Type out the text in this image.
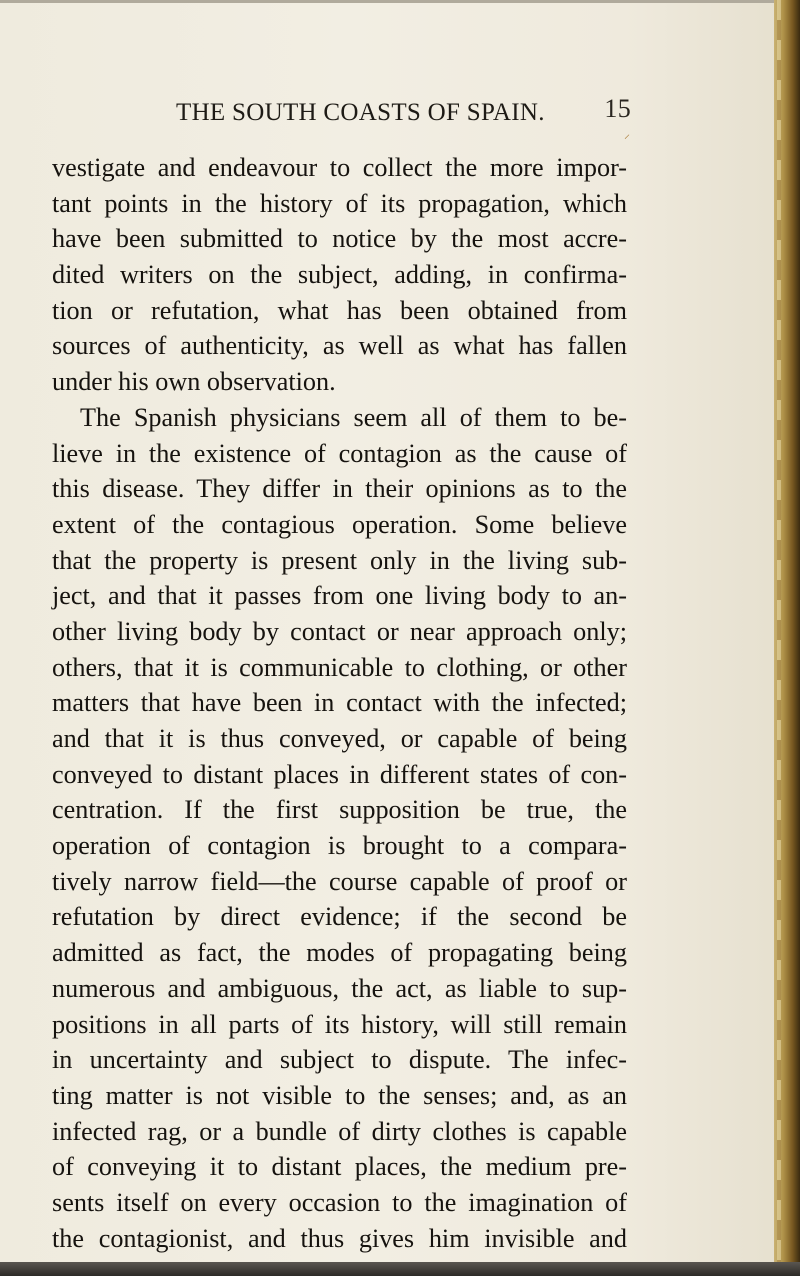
THE SOUTH COASTS OF SPAIN. 15
⸝
vestigate and endeavour to collect the more impor-
tant points in the history of its propagation, which
have been submitted to notice by the most accre-
dited writers on the subject, adding, in confirma-
tion or refutation, what has been obtained from
sources of authenticity, as well as what has fallen
under his own observation.
The Spanish physicians seem all of them to be-
lieve in the existence of contagion as the cause of
this disease. They differ in their opinions as to the
extent of the contagious operation. Some believe
that the property is present only in the living sub-
ject, and that it passes from one living body to an-
other living body by contact or near approach only;
others, that it is communicable to clothing, or other
matters that have been in contact with the infected;
and that it is thus conveyed, or capable of being
conveyed to distant places in different states of con-
centration. If the first supposition be true, the
operation of contagion is brought to a compara-
tively narrow field—the course capable of proof or
refutation by direct evidence; if the second be
admitted as fact, the modes of propagating being
numerous and ambiguous, the act, as liable to sup-
positions in all parts of its history, will still remain
in uncertainty and subject to dispute. The infec-
ting matter is not visible to the senses; and, as an
infected rag, or a bundle of dirty clothes is capable
of conveying it to distant places, the medium pre-
sents itself on every occasion to the imagination of
the contagionist, and thus gives him invisible and
